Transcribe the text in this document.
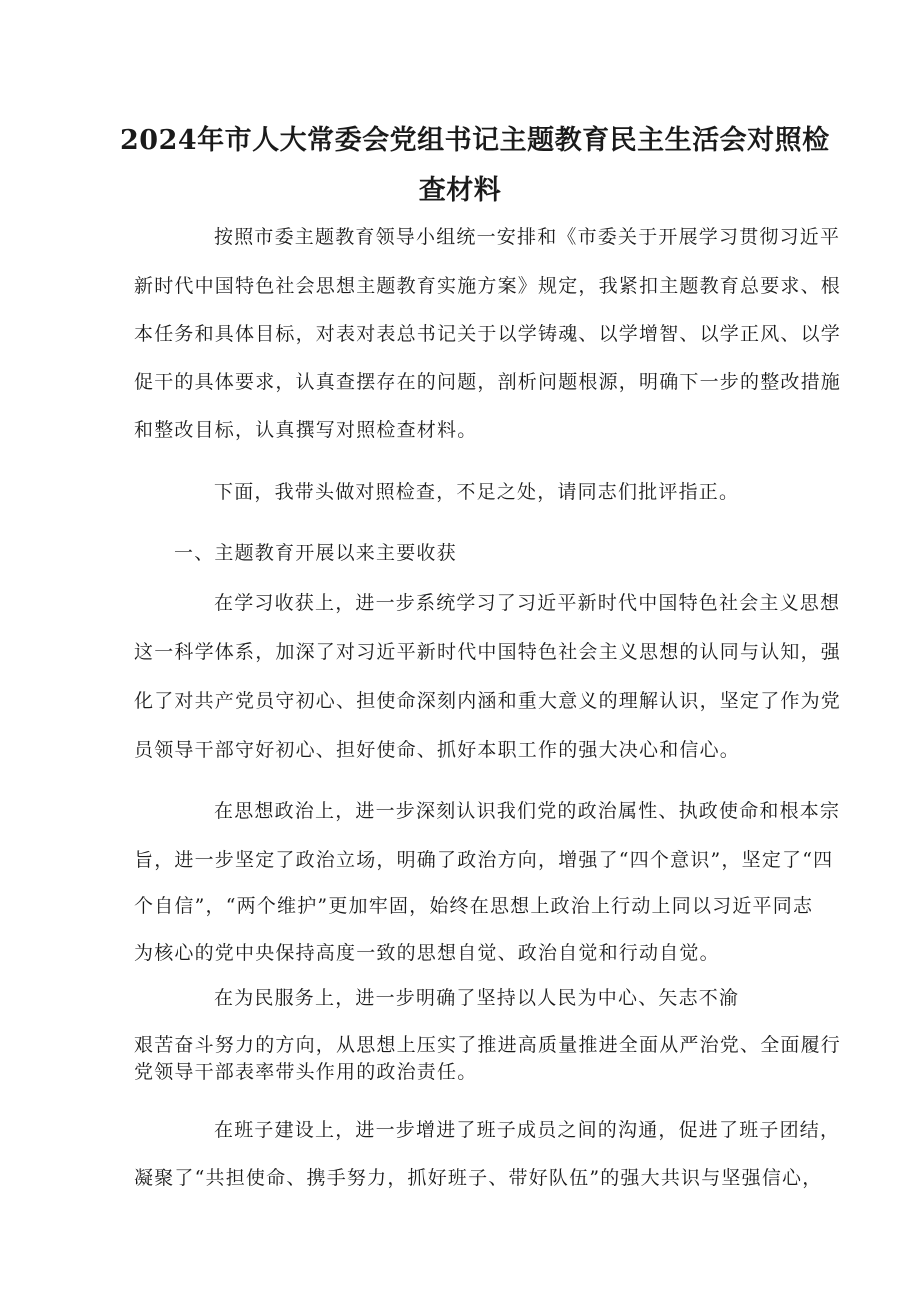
2024年市人大常委会党组书记主题教育民主生活会对照检
查材料

按照市委主题教育领导小组统一安排和《市委关于开展学习贯彻习近平

新时代中国特色社会思想主题教育实施方案》规定，我紧扣主题教育总要求、根

本任务和具体目标，对表对表总书记关于以学铸魂、以学增智、以学正风、以学

促干的具体要求，认真查摆存在的问题，剖析问题根源，明确下一步的整改措施

和整改目标，认真撰写对照检查材料。

下面，我带头做对照检查，不足之处，请同志们批评指正。

一、主题教育开展以来主要收获

在学习收获上，进一步系统学习了习近平新时代中国特色社会主义思想

这一科学体系，加深了对习近平新时代中国特色社会主义思想的认同与认知，强

化了对共产党员守初心、担使命深刻内涵和重大意义的理解认识，坚定了作为党

员领导干部守好初心、担好使命、抓好本职工作的强大决心和信心。

在思想政治上，进一步深刻认识我们党的政治属性、执政使命和根本宗

旨，进一步坚定了政治立场，明确了政治方向，增强了“四个意识”，坚定了“四

个自信”，“两个维护”更加牢固，始终在思想上政治上行动上同以习近平同志

为核心的党中央保持高度一致的思想自觉、政治自觉和行动自觉。

在为民服务上，进一步明确了坚持以人民为中心、矢志不渝

艰苦奋斗努力的方向，从思想上压实了推进高质量推进全面从严治党、全面履行

党领导干部表率带头作用的政治责任。

在班子建设上，进一步增进了班子成员之间的沟通，促进了班子团结，

凝聚了“共担使命、携手努力，抓好班子、带好队伍”的强大共识与坚强信心，
